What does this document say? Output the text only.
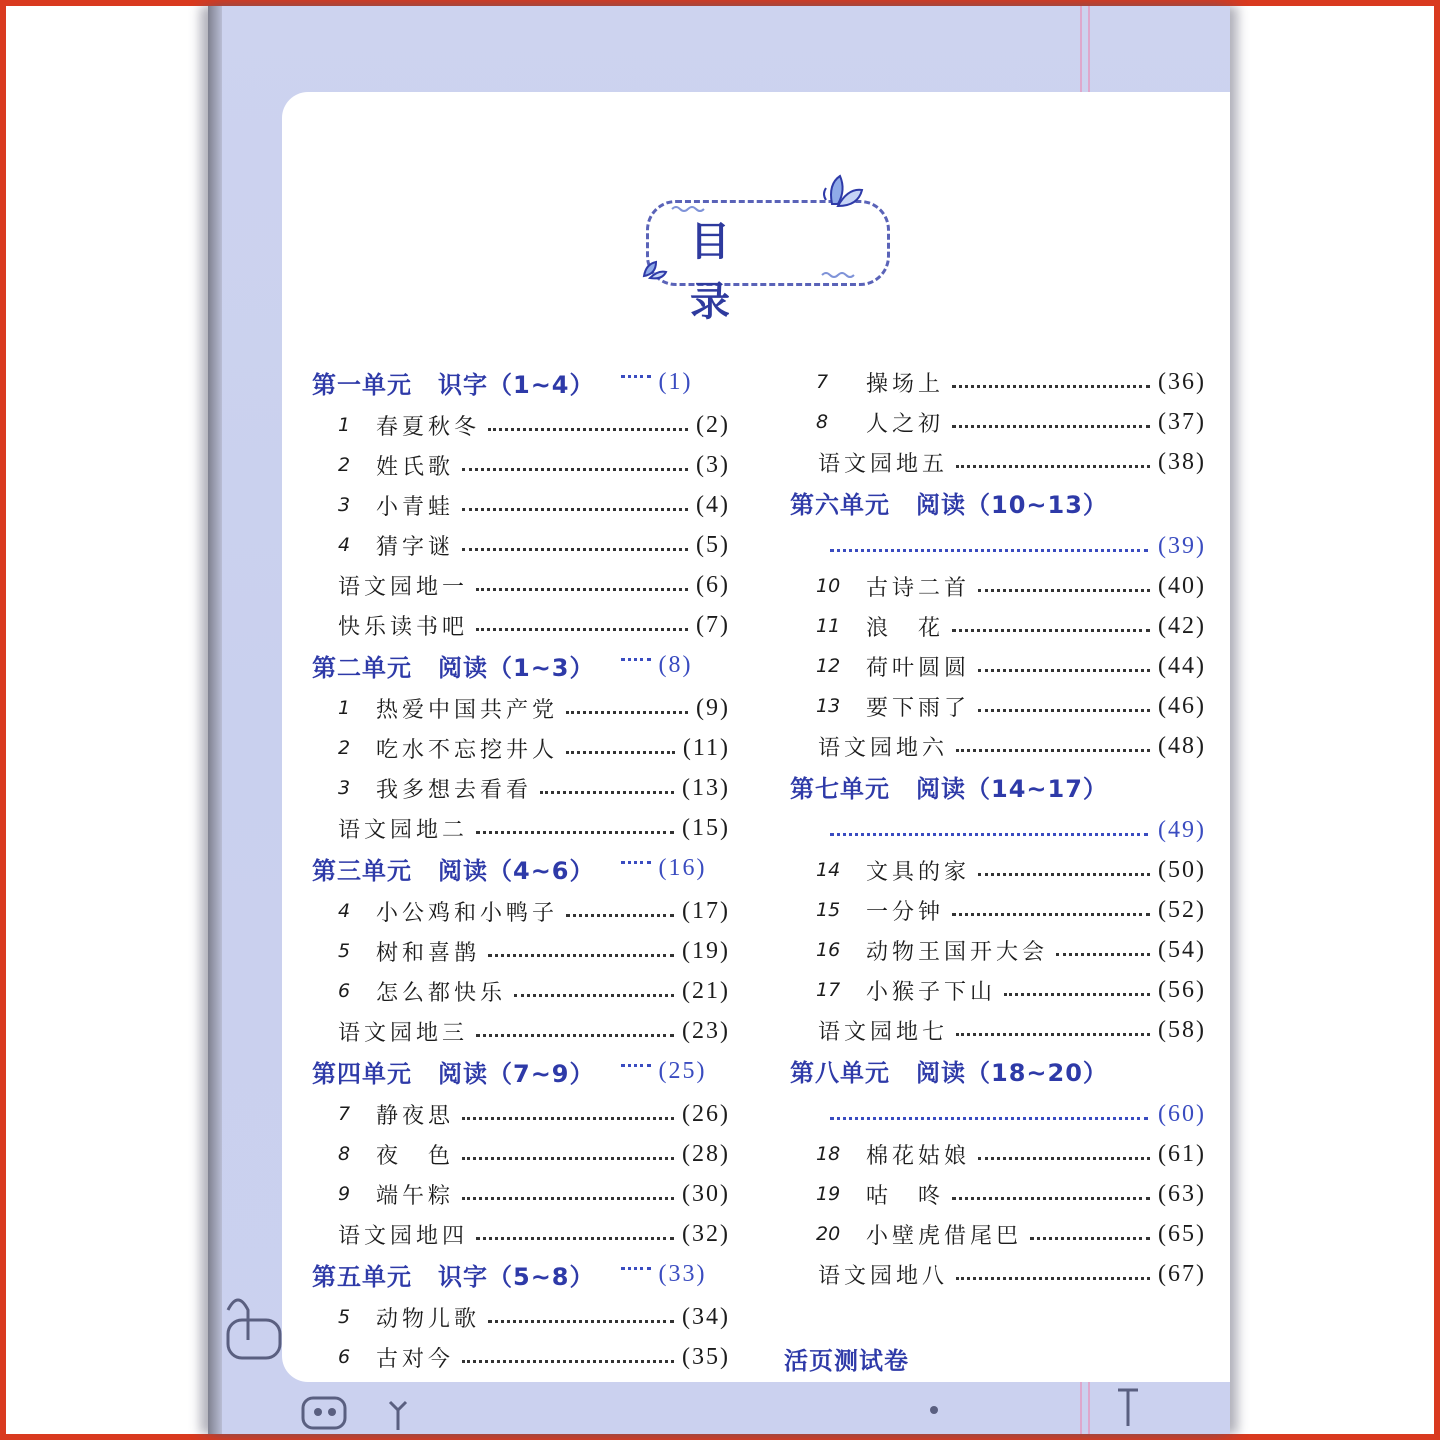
目 录
第一单元 识字（1~4）	(1)
1	春夏秋冬	(2)
2	姓氏歌	(3)
3	小青蛙	(4)
4	猜字谜	(5)
语文园地一	(6)
快乐读书吧	(7)
第二单元 阅读（1~3）	(8)
1	热爱中国共产党	(9)
2	吃水不忘挖井人	(11)
3	我多想去看看	(13)
语文园地二	(15)
第三单元 阅读（4~6）	(16)
4	小公鸡和小鸭子	(17)
5	树和喜鹊	(19)
6	怎么都快乐	(21)
语文园地三	(23)
第四单元 阅读（7~9）	(25)
7	静夜思	(26)
8	夜　色	(28)
9	端午粽	(30)
语文园地四	(32)
第五单元 识字（5~8）	(33)
5	动物儿歌	(34)
6	古对今	(35)
7	操场上	(36)
8	人之初	(37)
语文园地五	(38)
第六单元 阅读（10~13）
(39)
10	古诗二首	(40)
11	浪　花	(42)
12	荷叶圆圆	(44)
13	要下雨了	(46)
语文园地六	(48)
第七单元 阅读（14~17）
(49)
14	文具的家	(50)
15	一分钟	(52)
16	动物王国开大会	(54)
17	小猴子下山	(56)
语文园地七	(58)
第八单元 阅读（18~20）
(60)
18	棉花姑娘	(61)
19	咕　咚	(63)
20	小壁虎借尾巴	(65)
语文园地八	(67)
活页测试卷
